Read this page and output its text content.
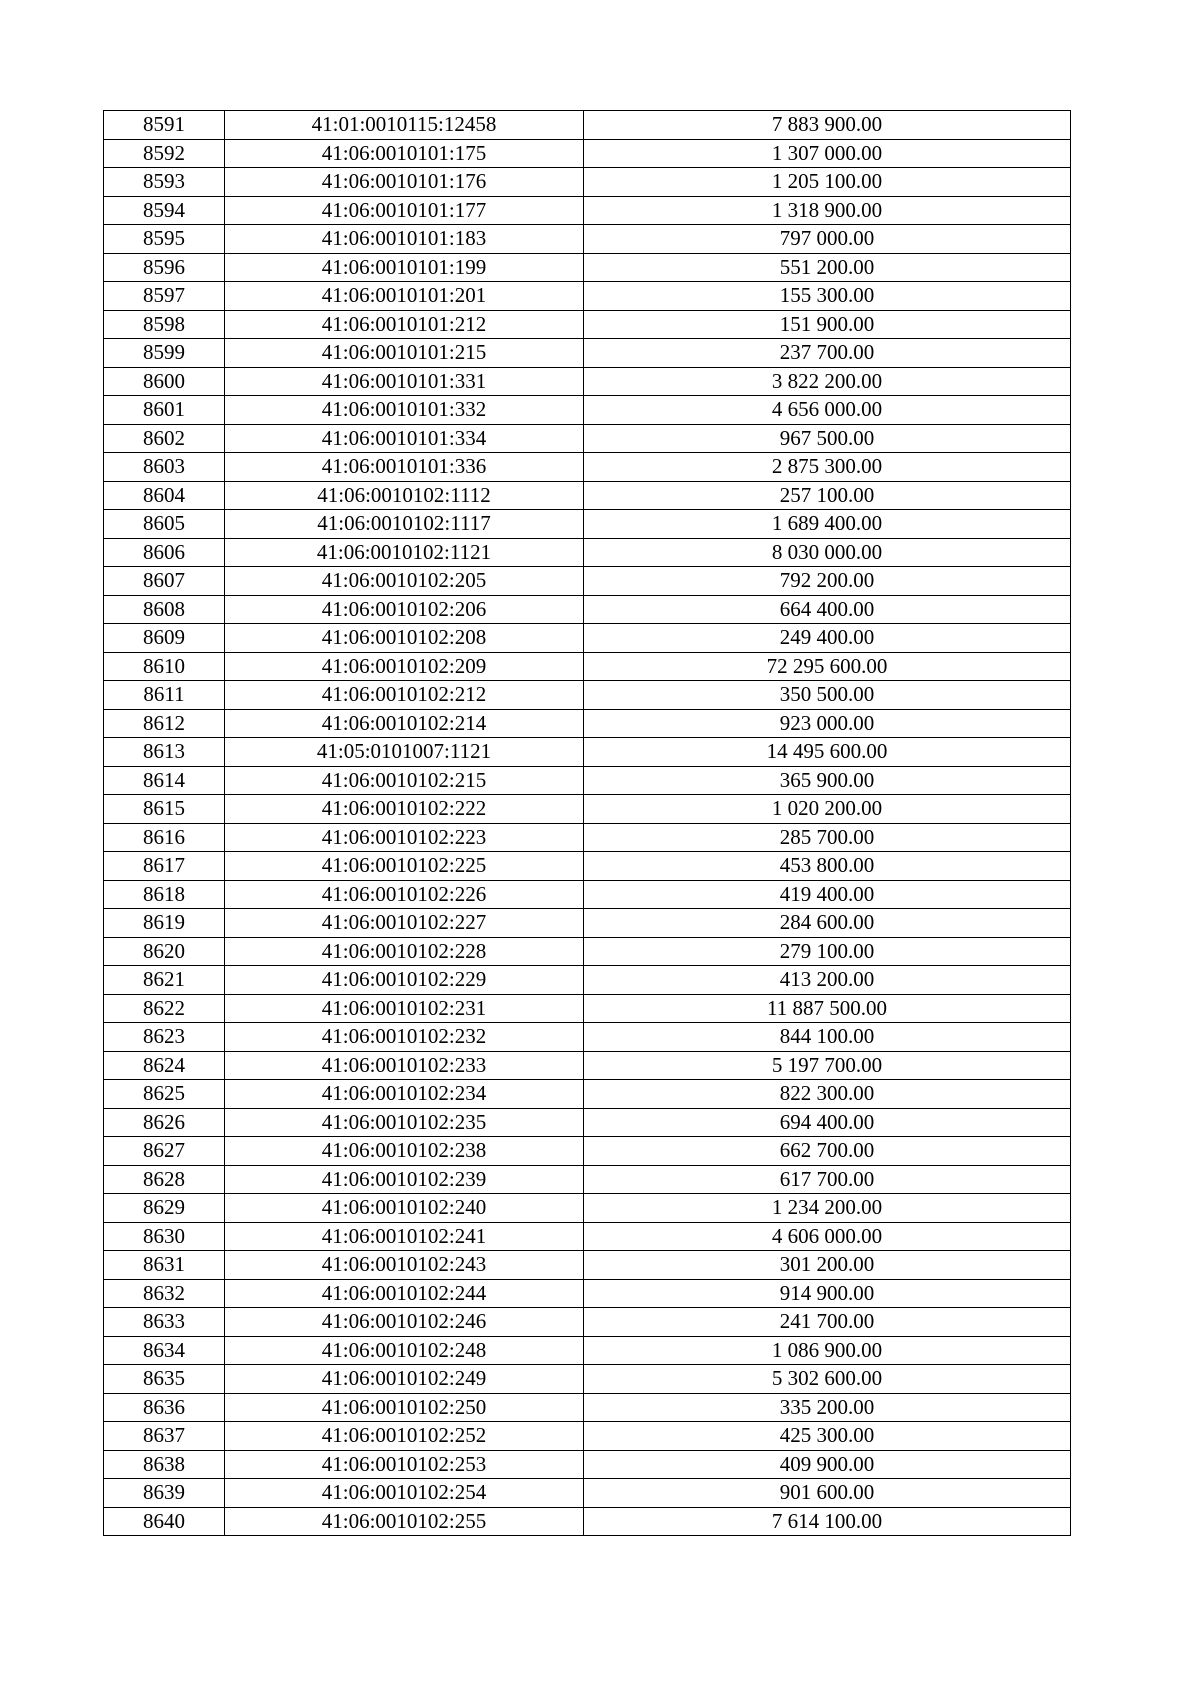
8591	41:01:0010115:12458	7 883 900.00
8592	41:06:0010101:175	1 307 000.00
8593	41:06:0010101:176	1 205 100.00
8594	41:06:0010101:177	1 318 900.00
8595	41:06:0010101:183	797 000.00
8596	41:06:0010101:199	551 200.00
8597	41:06:0010101:201	155 300.00
8598	41:06:0010101:212	151 900.00
8599	41:06:0010101:215	237 700.00
8600	41:06:0010101:331	3 822 200.00
8601	41:06:0010101:332	4 656 000.00
8602	41:06:0010101:334	967 500.00
8603	41:06:0010101:336	2 875 300.00
8604	41:06:0010102:1112	257 100.00
8605	41:06:0010102:1117	1 689 400.00
8606	41:06:0010102:1121	8 030 000.00
8607	41:06:0010102:205	792 200.00
8608	41:06:0010102:206	664 400.00
8609	41:06:0010102:208	249 400.00
8610	41:06:0010102:209	72 295 600.00
8611	41:06:0010102:212	350 500.00
8612	41:06:0010102:214	923 000.00
8613	41:05:0101007:1121	14 495 600.00
8614	41:06:0010102:215	365 900.00
8615	41:06:0010102:222	1 020 200.00
8616	41:06:0010102:223	285 700.00
8617	41:06:0010102:225	453 800.00
8618	41:06:0010102:226	419 400.00
8619	41:06:0010102:227	284 600.00
8620	41:06:0010102:228	279 100.00
8621	41:06:0010102:229	413 200.00
8622	41:06:0010102:231	11 887 500.00
8623	41:06:0010102:232	844 100.00
8624	41:06:0010102:233	5 197 700.00
8625	41:06:0010102:234	822 300.00
8626	41:06:0010102:235	694 400.00
8627	41:06:0010102:238	662 700.00
8628	41:06:0010102:239	617 700.00
8629	41:06:0010102:240	1 234 200.00
8630	41:06:0010102:241	4 606 000.00
8631	41:06:0010102:243	301 200.00
8632	41:06:0010102:244	914 900.00
8633	41:06:0010102:246	241 700.00
8634	41:06:0010102:248	1 086 900.00
8635	41:06:0010102:249	5 302 600.00
8636	41:06:0010102:250	335 200.00
8637	41:06:0010102:252	425 300.00
8638	41:06:0010102:253	409 900.00
8639	41:06:0010102:254	901 600.00
8640	41:06:0010102:255	7 614 100.00
